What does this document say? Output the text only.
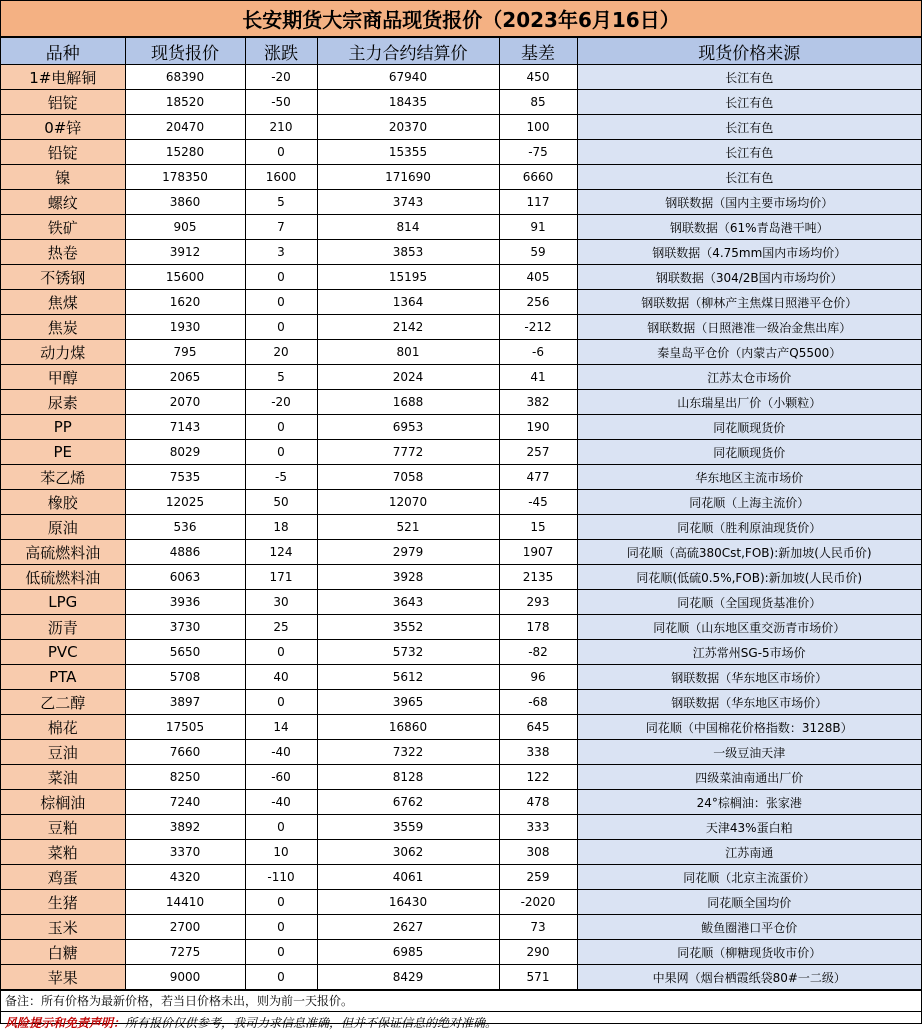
长安期货大宗商品现货报价（2023年6月16日）
品种	现货报价	涨跌	主力合约结算价	基差	现货价格来源
1#电解铜	68390	-20	67940	450	长江有色
铝锭	18520	-50	18435	85	长江有色
0#锌	20470	210	20370	100	长江有色
铅锭	15280	0	15355	-75	长江有色
镍	178350	1600	171690	6660	长江有色
螺纹	3860	5	3743	117	钢联数据（国内主要市场均价）
铁矿	905	7	814	91	钢联数据（61%青岛港干吨）
热卷	3912	3	3853	59	钢联数据（4.75mm国内市场均价）
不锈钢	15600	0	15195	405	钢联数据（304/2B国内市场均价）
焦煤	1620	0	1364	256	钢联数据（柳林产主焦煤日照港平仓价）
焦炭	1930	0	2142	-212	钢联数据（日照港准一级冶金焦出库）
动力煤	795	20	801	-6	秦皇岛平仓价（内蒙古产Q5500）
甲醇	2065	5	2024	41	江苏太仓市场价
尿素	2070	-20	1688	382	山东瑞星出厂价（小颗粒）
PP	7143	0	6953	190	同花顺现货价
PE	8029	0	7772	257	同花顺现货价
苯乙烯	7535	-5	7058	477	华东地区主流市场价
橡胶	12025	50	12070	-45	同花顺（上海主流价）
原油	536	18	521	15	同花顺（胜利原油现货价）
高硫燃料油	4886	124	2979	1907	同花顺（高硫380Cst,FOB):新加坡(人民币价)
低硫燃料油	6063	171	3928	2135	同花顺(低硫0.5%,FOB):新加坡(人民币价)
LPG	3936	30	3643	293	同花顺（全国现货基准价）
沥青	3730	25	3552	178	同花顺（山东地区重交沥青市场价）
PVC	5650	0	5732	-82	江苏常州SG-5市场价
PTA	5708	40	5612	96	钢联数据（华东地区市场价）
乙二醇	3897	0	3965	-68	钢联数据（华东地区市场价）
棉花	17505	14	16860	645	同花顺（中国棉花价格指数：3128B）
豆油	7660	-40	7322	338	一级豆油天津
菜油	8250	-60	8128	122	四级菜油南通出厂价
棕榈油	7240	-40	6762	478	24°棕榈油：张家港
豆粕	3892	0	3559	333	天津43%蛋白粕
菜粕	3370	10	3062	308	江苏南通
鸡蛋	4320	-110	4061	259	同花顺（北京主流蛋价）
生猪	14410	0	16430	-2020	同花顺全国均价
玉米	2700	0	2627	73	鲅鱼圈港口平仓价
白糖	7275	0	6985	290	同花顺（柳糖现货收市价）
苹果	9000	0	8429	571	中果网（烟台栖霞纸袋80#一二级）
备注：所有价格为最新价格，若当日价格未出，则为前一天报价。
风险提示和免责声明：所有报价仅供参考，我司力求信息准确，但并不保证信息的绝对准确。
